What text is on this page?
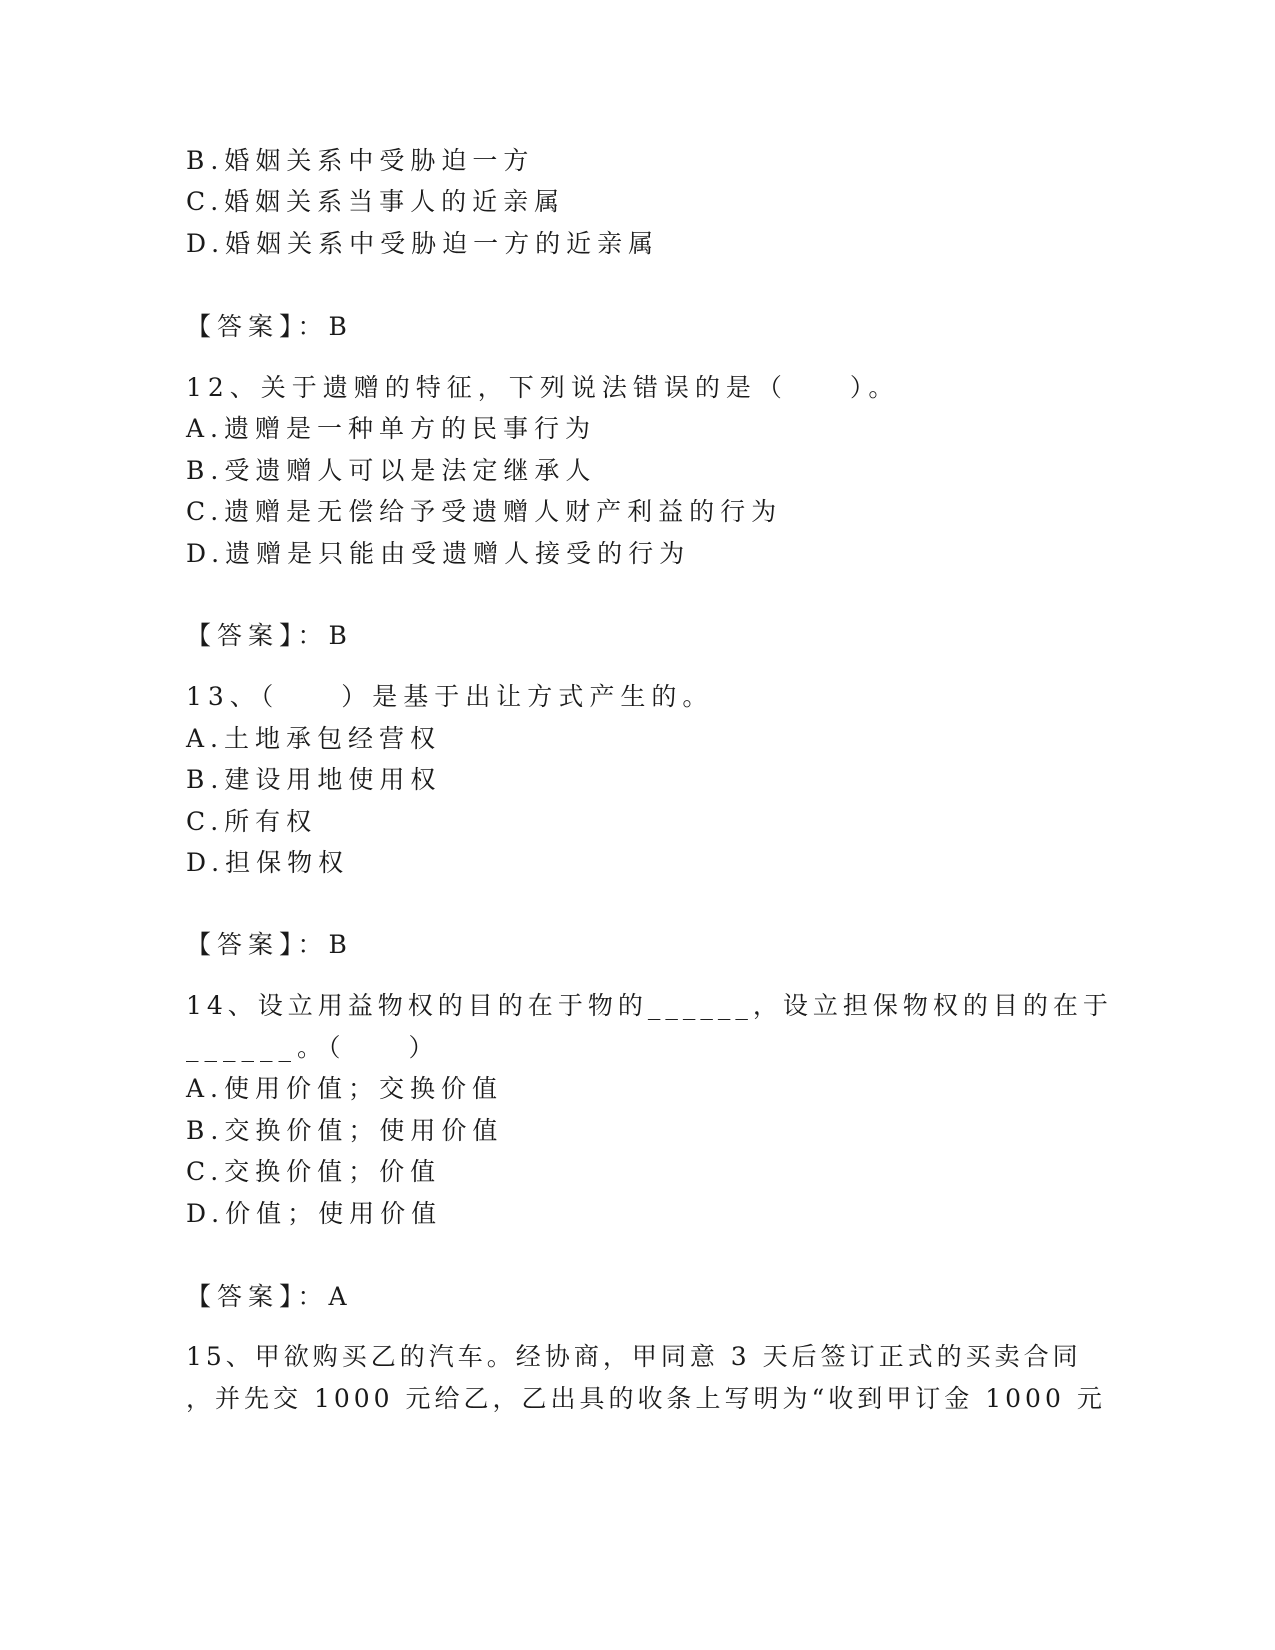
B.婚姻关系中受胁迫一方
C.婚姻关系当事人的近亲属
D.婚姻关系中受胁迫一方的近亲属
【答案】：B
12、关于遗赠的特征，下列说法错误的是（　　）。
A.遗赠是一种单方的民事行为
B.受遗赠人可以是法定继承人
C.遗赠是无偿给予受遗赠人财产利益的行为
D.遗赠是只能由受遗赠人接受的行为
【答案】：B
13、（　　）是基于出让方式产生的。
A.土地承包经营权
B.建设用地使用权
C.所有权
D.担保物权
【答案】：B
14、设立用益物权的目的在于物的______，设立担保物权的目的在于
______。（　　）
A.使用价值；交换价值
B.交换价值；使用价值
C.交换价值；价值
D.价值；使用价值
【答案】：A
15、甲欲购买乙的汽车。经协商，甲同意 3 天后签订正式的买卖合同
，并先交 1000 元给乙，乙出具的收条上写明为“收到甲订金 1000 元
